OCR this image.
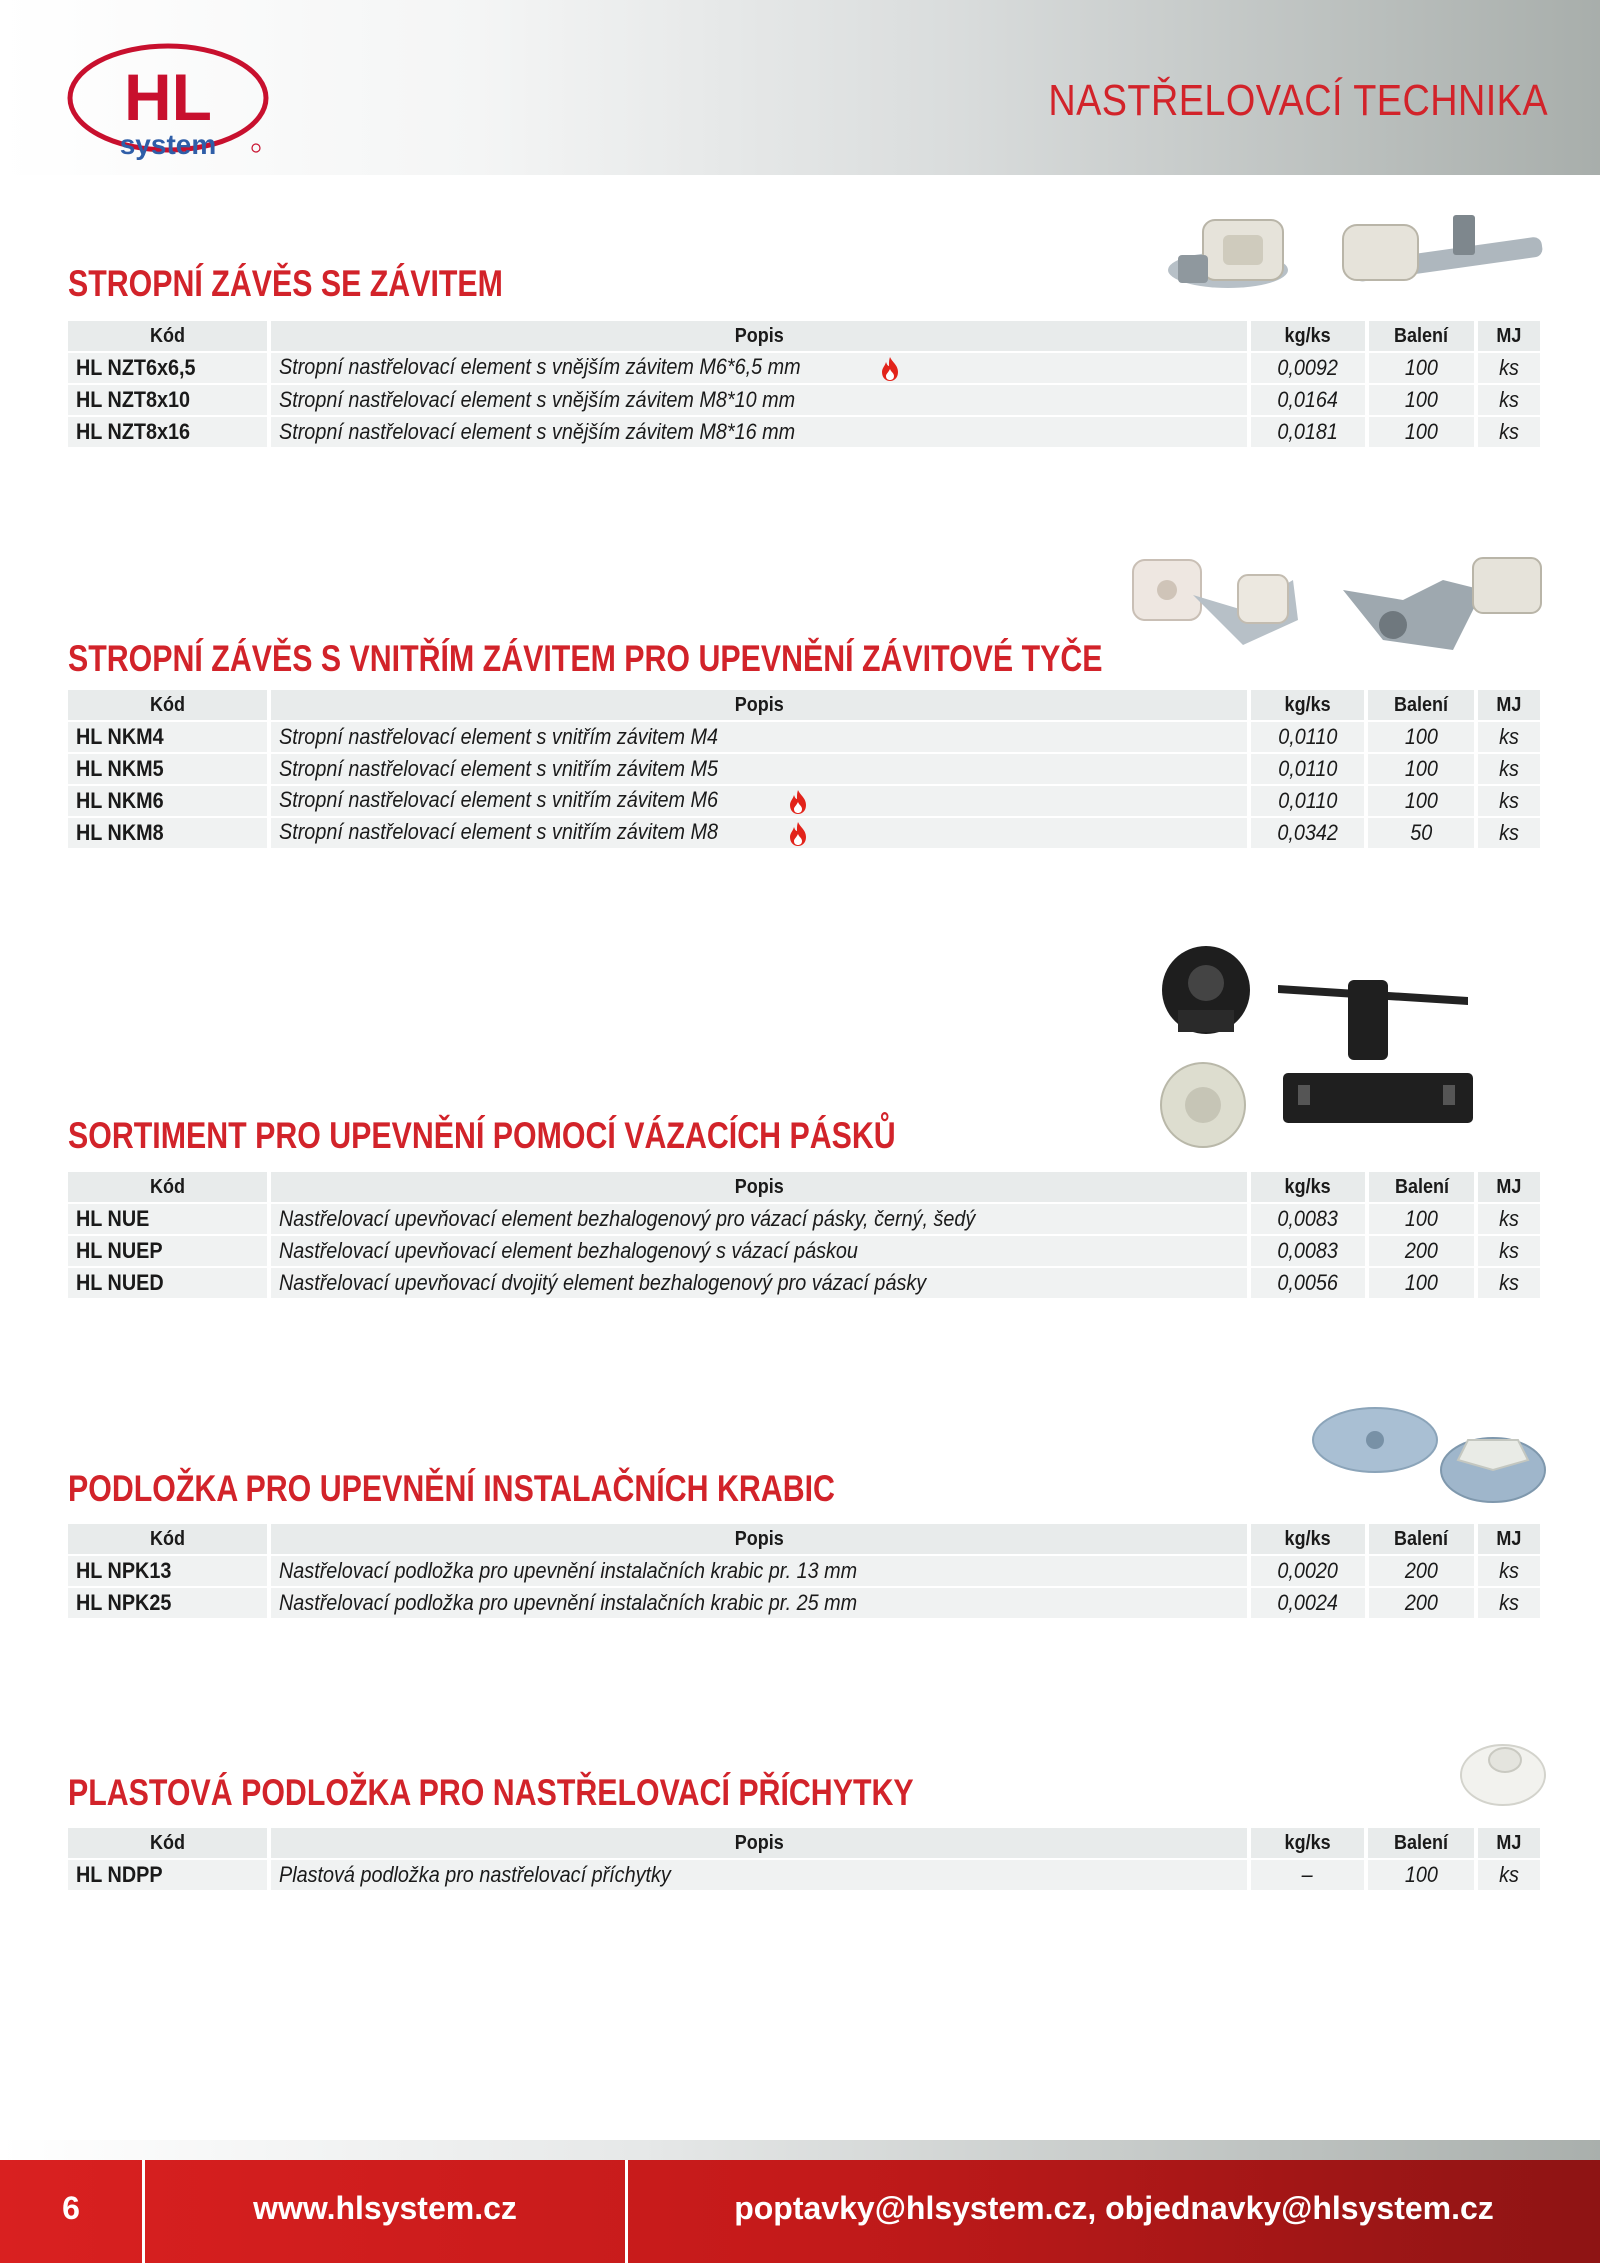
HL
system
NASTŘELOVACÍ TECHNIKA
STROPNÍ ZÁVĚS SE ZÁVITEM
Kód	Popis	kg/ks	Balení	MJ
HL NZT6x6,5	Stropní nastřelovací element s vnějším závitem M6*6,5 mm	0,0092	100	ks
HL NZT8x10	Stropní nastřelovací element s vnějším závitem M8*10 mm	0,0164	100	ks
HL NZT8x16	Stropní nastřelovací element s vnějším závitem M8*16 mm	0,0181	100	ks
STROPNÍ ZÁVĚS S VNITŘÍM ZÁVITEM PRO UPEVNĚNÍ ZÁVITOVÉ TYČE
Kód	Popis	kg/ks	Balení	MJ
HL NKM4	Stropní nastřelovací element s vnitřím závitem M4	0,0110	100	ks
HL NKM5	Stropní nastřelovací element s vnitřím závitem M5	0,0110	100	ks
HL NKM6	Stropní nastřelovací element s vnitřím závitem M6	0,0110	100	ks
HL NKM8	Stropní nastřelovací element s vnitřím závitem M8	0,0342	50	ks
SORTIMENT PRO UPEVNĚNÍ POMOCÍ VÁZACÍCH PÁSKŮ
Kód	Popis	kg/ks	Balení	MJ
HL NUE	Nastřelovací upevňovací element bezhalogenový pro vázací pásky, černý, šedý	0,0083	100	ks
HL NUEP	Nastřelovací upevňovací element bezhalogenový s vázací páskou	0,0083	200	ks
HL NUED	Nastřelovací upevňovací dvojitý element bezhalogenový pro vázací pásky	0,0056	100	ks
PODLOŽKA PRO UPEVNĚNÍ INSTALAČNÍCH KRABIC
Kód	Popis	kg/ks	Balení	MJ
HL NPK13	Nastřelovací podložka pro upevnění instalačních krabic pr. 13 mm	0,0020	200	ks
HL NPK25	Nastřelovací podložka pro upevnění instalačních krabic pr. 25 mm	0,0024	200	ks
PLASTOVÁ PODLOŽKA PRO NASTŘELOVACÍ PŘÍCHYTKY
Kód	Popis	kg/ks	Balení	MJ
HL NDPP	Plastová podložka pro nastřelovací příchytky	–	100	ks
6	www.hlsystem.cz	poptavky@hlsystem.cz, objednavky@hlsystem.cz
